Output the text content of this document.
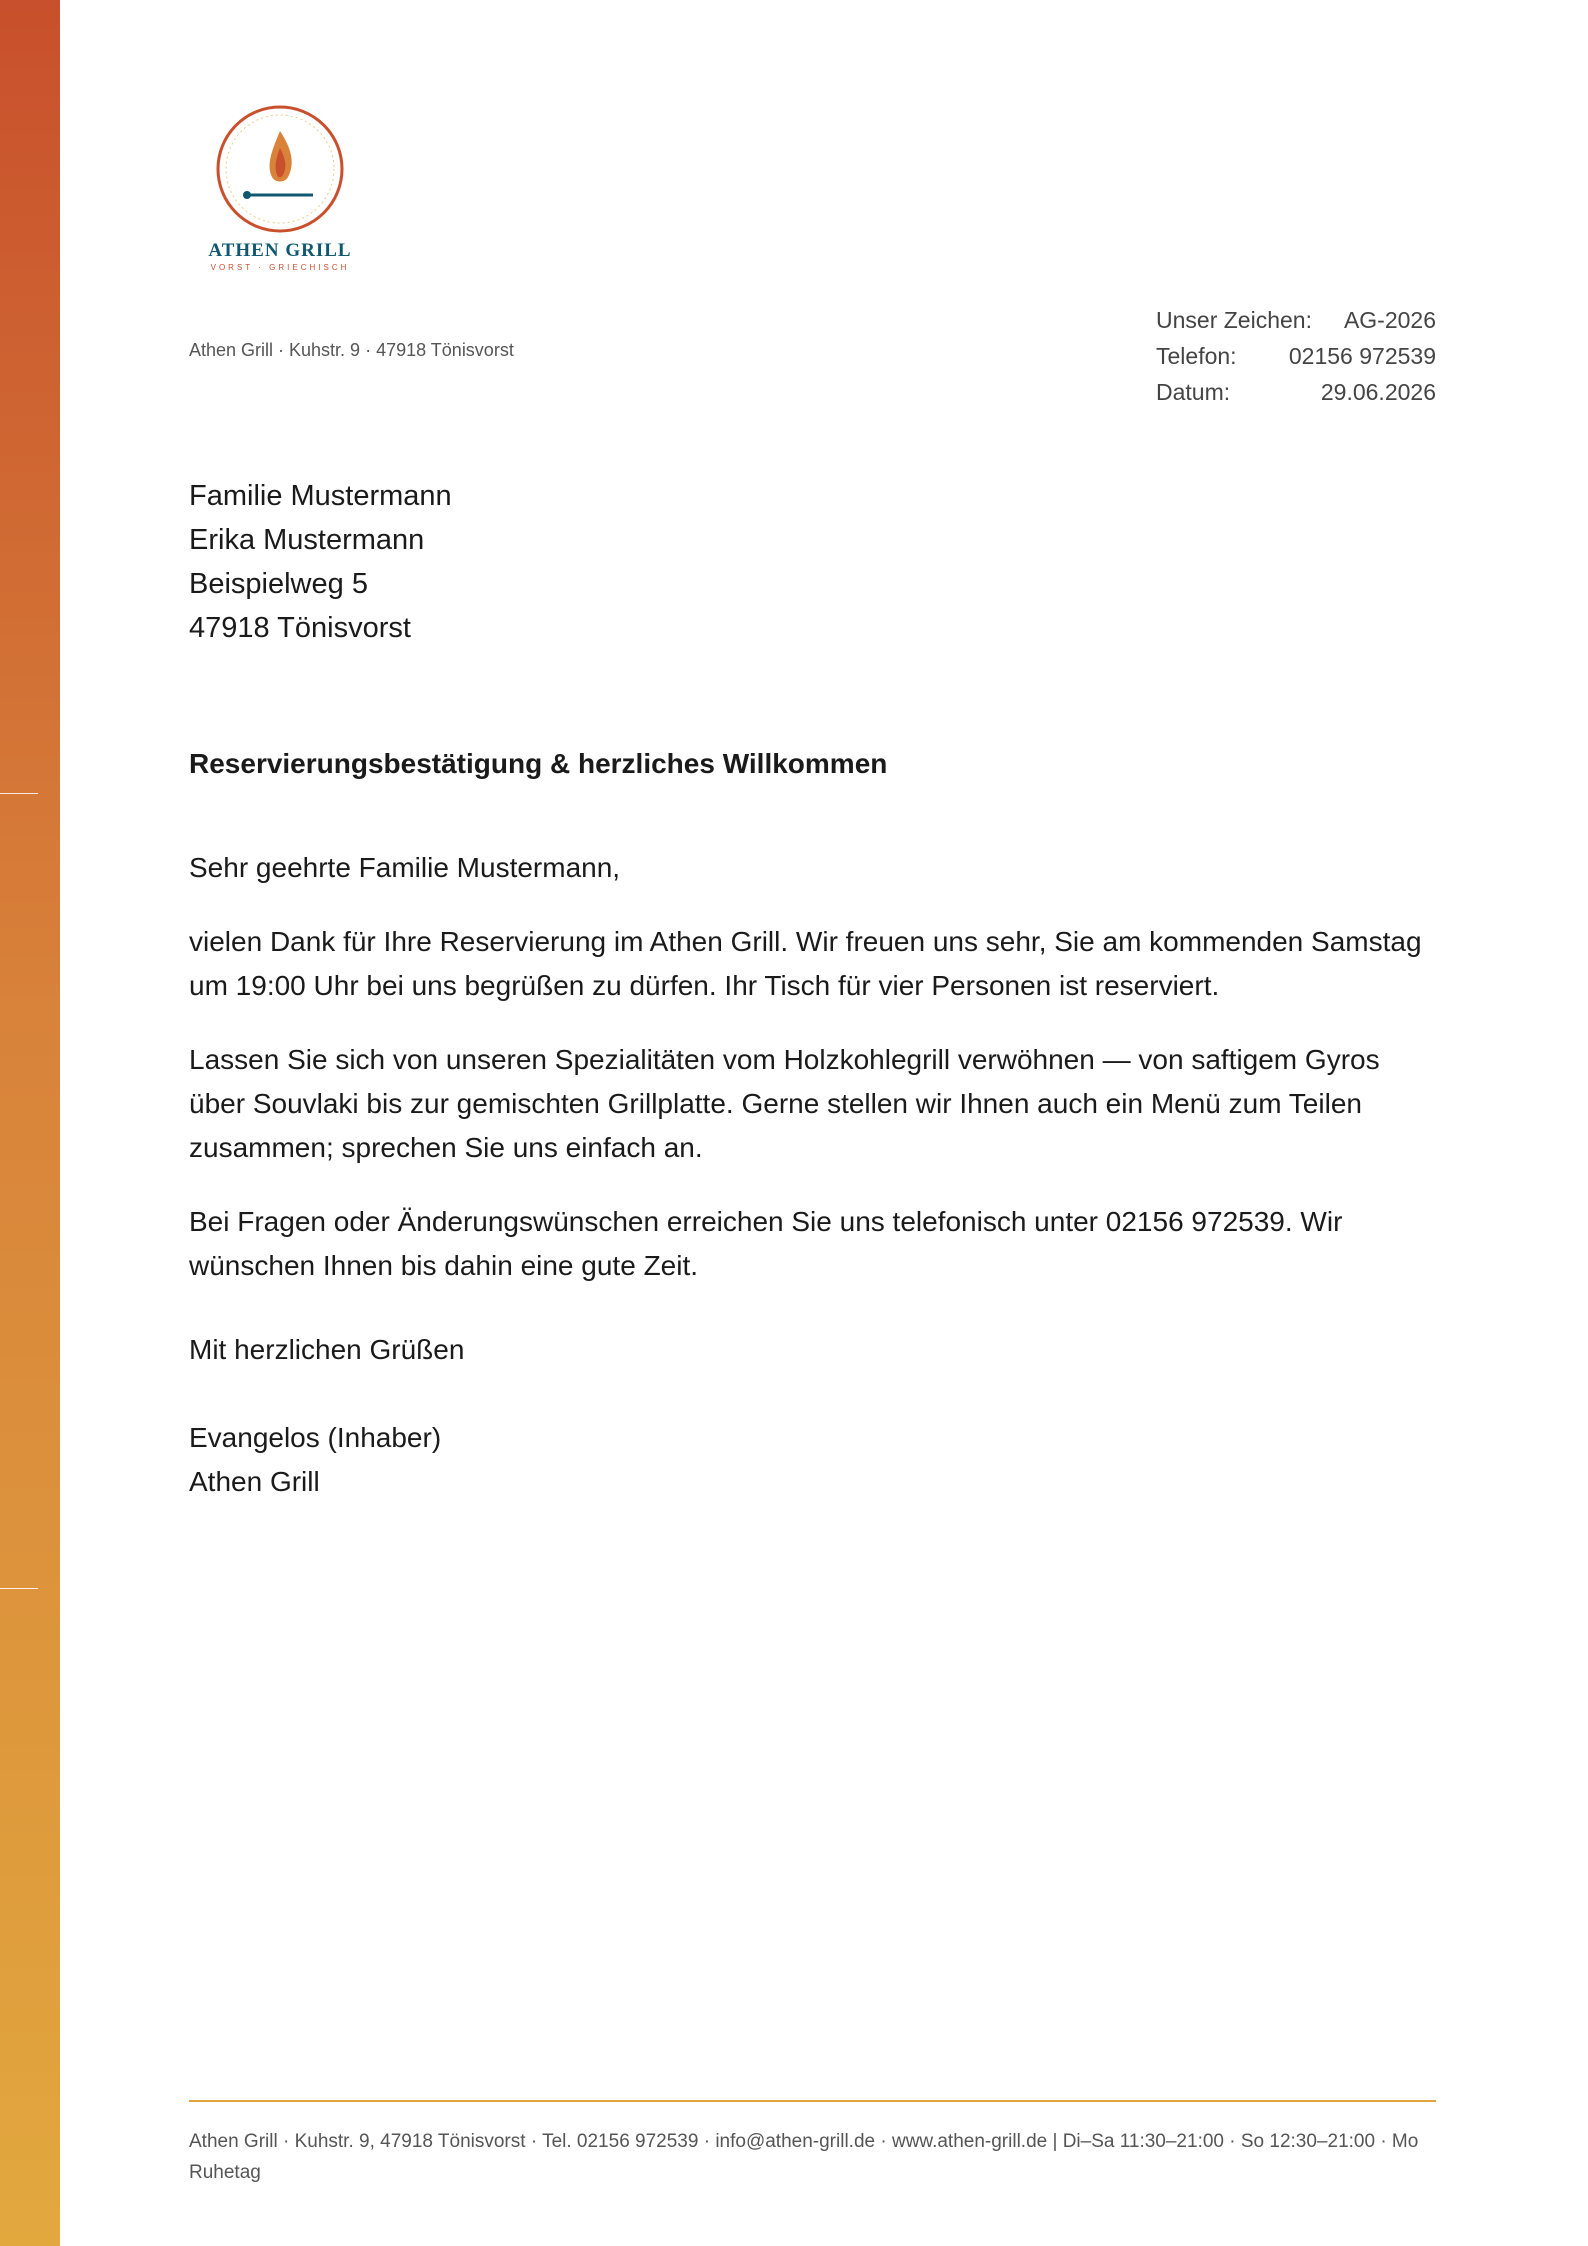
ATHEN GRILL
VORST · GRIECHISCH
Athen Grill · Kuhstr. 9 · 47918 Tönisvorst
Unser Zeichen: AG-2026
Telefon: 02156 972539
Datum:	29.06.2026
Familie Mustermann
Erika Mustermann
Beispielweg 5
47918 Tönisvorst
Reservierungsbestätigung & herzliches Willkommen

Sehr geehrte Familie Mustermann,

vielen Dank für Ihre Reservierung im Athen Grill. Wir freuen uns sehr, Sie am kommenden Samstag um 19:00 Uhr bei uns begrüßen zu dürfen. Ihr Tisch für vier Personen ist reserviert.

Lassen Sie sich von unseren Spezialitäten vom Holzkohlegrill verwöhnen — von saftigem Gyros über Souvlaki bis zur gemischten Grillplatte. Gerne stellen wir Ihnen auch ein Menü zum Teilen zusammen; sprechen Sie uns einfach an.

Bei Fragen oder Änderungswünschen erreichen Sie uns telefonisch unter 02156 972539. Wir wünschen Ihnen bis dahin eine gute Zeit.

Mit herzlichen Grüßen
Evangelos (Inhaber)
Athen Grill
Athen Grill · Kuhstr. 9, 47918 Tönisvorst · Tel. 02156 972539 · info@athen-grill.de · www.athen-grill.de | Di–Sa 11:30–21:00 · So 12:30–21:00 · Mo Ruhetag
